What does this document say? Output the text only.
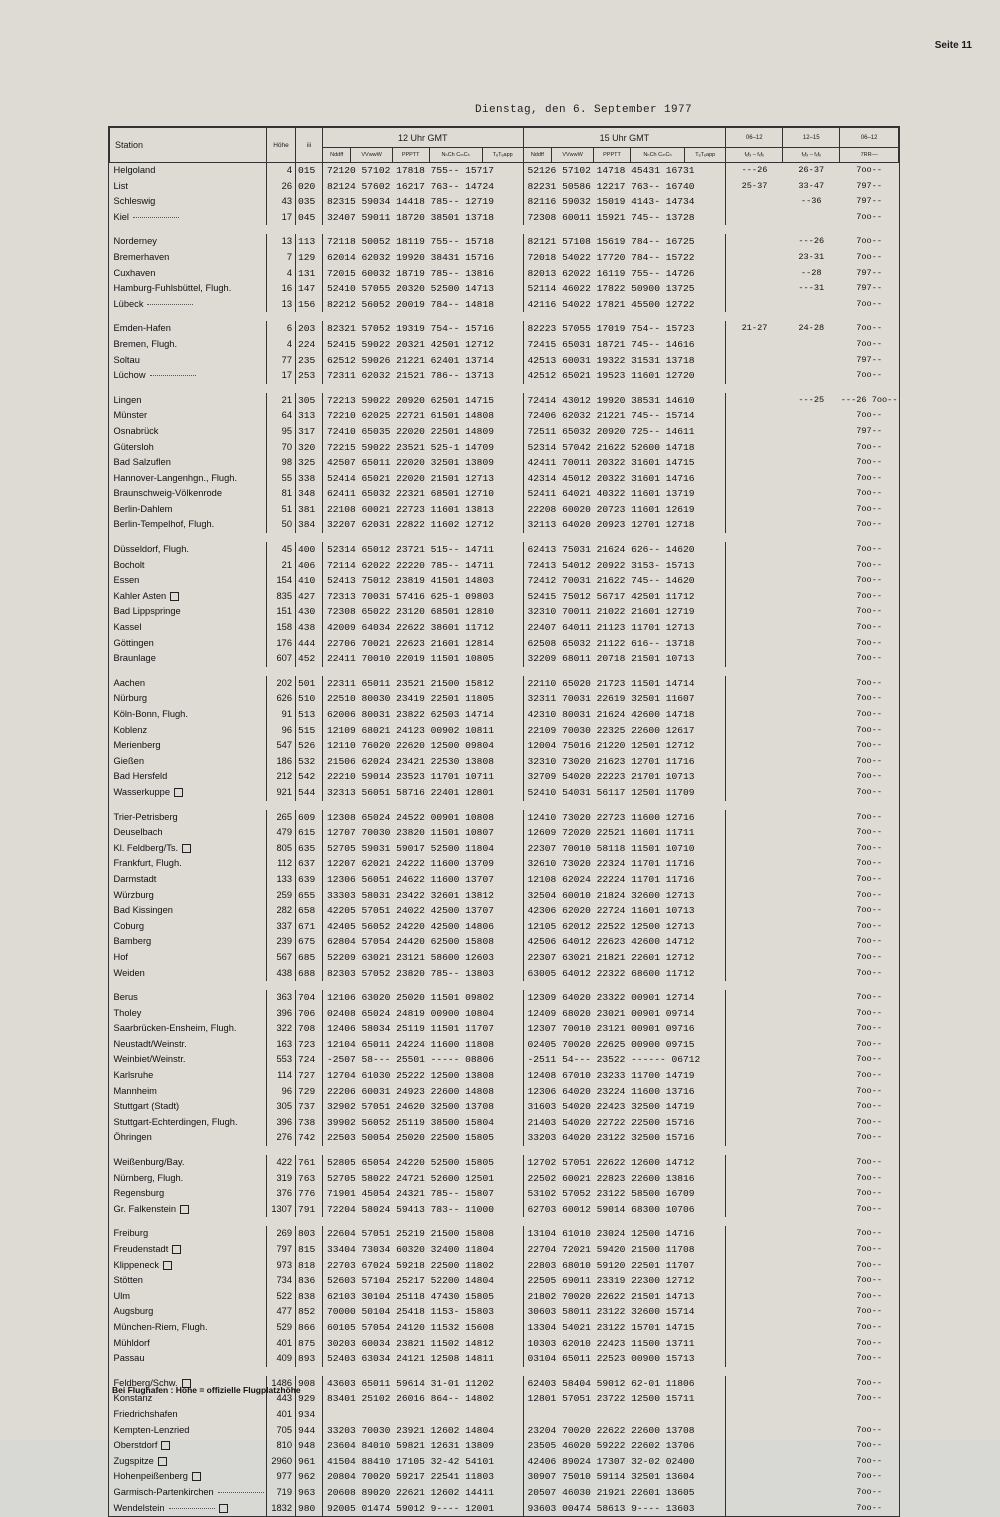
Seite 11
Dienstag, den 6. September 1977
Station	Höhe	iii	12 Uhr GMT					15 Uhr GMT					06–12	12–15	06–12
			Nddff	VVwwW	PPPTT	NₕCh CₘCₕ	TₑTₑapp	Nddff	VVwwW	PPPTT	NₕCh CₘCₕ	TₑTₑapp	fₓfₓ – fₓfₓ	fₓfₓ – fₓfₓ	7RR––
Helgoland	4	015	72120 57102 17818 755-- 15717					52126 57102 14718 45431 16731					---26	26-37	7oo--
List	26	020	82124 57602 16217 763-- 14724					82231 50586 12217 763-- 16740					25-37	33-47	797--
Schleswig	43	035	82315 59034 14418 785-- 12719					82116 59032 15019 4143- 14734						--36	797--
Kiel	17	045	32407 59011 18720 38501 13718					72308 60011 15921 745-- 13728							7oo--

Norderney	13	113	72118 50052 18119 755-- 15718					82121 57108 15619 784-- 16725						---26	7oo--
Bremerhaven	7	129	62014 62032 19920 38431 15716					72018 54022 17720 784-- 15722						23-31	7oo--
Cuxhaven	4	131	72015 60032 18719 785-- 13816					82013 62022 16119 755-- 14726						--28	797--
Hamburg-Fuhlsbüttel, Flugh.	16	147	52410 57055 20320 52500 14713					52114 46022 17822 50900 13725						---31	797--
Lübeck	13	156	82212 56052 20019 784-- 14818					42116 54022 17821 45500 12722							7oo--

Emden-Hafen	6	203	82321 57052 19319 754-- 15716					82223 57055 17019 754-- 15723					21-27	24-28	7oo--
Bremen, Flugh.	4	224	52415 59022 20321 42501 12712					72415 65031 18721 745-- 14616							7oo--
Soltau	77	235	62512 59026 21221 62401 13714					42513 60031 19322 31531 13718							797--
Lüchow	17	253	72311 62032 21521 786-- 13713					42512 65021 19523 11601 12720							7oo--

Lingen	21	305	72213 59022 20920 62501 14715					72414 43012 19920 38531 14610						---25	---26 7oo--
Münster	64	313	72210 62025 22721 61501 14808					72406 62032 21221 745-- 15714							7oo--
Osnabrück	95	317	72410 65035 22020 22501 14809					72511 65032 20920 725-- 14611							797--
Gütersloh	70	320	72215 59022 23521 525-1 14709					52314 57042 21622 52600 14718							7oo--
Bad Salzuflen	98	325	42507 65011 22020 32501 13809					42411 70011 20322 31601 14715							7oo--
Hannover-Langenhgn., Flugh.	55	338	52414 65021 22020 21501 12713					42314 45012 20322 31601 14716							7oo--
Braunschweig-Völkenrode	81	348	62411 65032 22321 68501 12710					52411 64021 40322 11601 13719							7oo--
Berlin-Dahlem	51	381	22108 60021 22723 11601 13813					22208 60020 20723 11601 12619							7oo--
Berlin-Tempelhof, Flugh.	50	384	32207 62031 22822 11602 12712					32113 64020 20923 12701 12718							7oo--

Düsseldorf, Flugh.	45	400	52314 65012 23721 515-- 14711					62413 75031 21624 626-- 14620							7oo--
Bocholt	21	406	72114 62022 22220 785-- 14711					72413 54012 20922 3153- 15713							7oo--
Essen	154	410	52413 75012 23819 41501 14803					72412 70031 21622 745-- 14620							7oo--
Kahler Asten	835	427	72313 70031 57416 625-1 09803					52415 75012 56717 42501 11712							7oo--
Bad Lippspringe	151	430	72308 65022 23120 68501 12810					32310 70011 21022 21601 12719							7oo--
Kassel	158	438	42009 64034 22622 38601 11712					22407 64011 21123 11701 12713							7oo--
Göttingen	176	444	22706 70021 22623 21601 12814					62508 65032 21122 616-- 13718							7oo--
Braunlage	607	452	22411 70010 22019 11501 10805					32209 68011 20718 21501 10713							7oo--

Aachen	202	501	22311 65011 23521 21500 15812					22110 65020 21723 11501 14714							7oo--
Nürburg	626	510	22510 80030 23419 22501 11805					32311 70031 22619 32501 11607							7oo--
Köln-Bonn, Flugh.	91	513	62006 80031 23822 62503 14714					42310 80031 21624 42600 14718							7oo--
Koblenz	96	515	12109 68021 24123 00902 10811					22109 70030 22325 22600 12617							7oo--
Merienberg	547	526	12110 76020 22620 12500 09804					12004 75016 21220 12501 12712							7oo--
Gießen	186	532	21506 62024 23421 22530 13808					32310 73020 21623 12701 11716							7oo--
Bad Hersfeld	212	542	22210 59014 23523 11701 10711					32709 54020 22223 21701 10713							7oo--
Wasserkuppe	921	544	32313 56051 58716 22401 12801					52410 54031 56117 12501 11709							7oo--

Trier-Petrisberg	265	609	12308 65024 24522 00901 10808					12410 73020 22723 11600 12716							7oo--
Deuselbach	479	615	12707 70030 23820 11501 10807					12609 72020 22521 11601 11711							7oo--
Kl. Feldberg/Ts.	805	635	52705 59031 59017 52500 11804					22307 70010 58118 11501 10710							7oo--
Frankfurt, Flugh.	112	637	12207 62021 24222 11600 13709					32610 73020 22324 11701 11716							7oo--
Darmstadt	133	639	12306 56051 24622 11600 13707					12108 62024 22224 11701 11716							7oo--
Würzburg	259	655	33303 58031 23422 32601 13812					32504 60010 21824 32600 12713							7oo--
Bad Kissingen	282	658	42205 57051 24022 42500 13707					42306 62020 22724 11601 10713							7oo--
Coburg	337	671	42405 56052 24220 42500 14806					12105 62012 22522 12500 12713							7oo--
Bamberg	239	675	62804 57054 24420 62500 15808					42506 64012 22623 42600 14712							7oo--
Hof	567	685	52209 63021 23121 58600 12603					22307 63021 21821 22601 12712							7oo--
Weiden	438	688	82303 57052 23820 785-- 13803					63005 64012 22322 68600 11712							7oo--

Berus	363	704	12106 63020 25020 11501 09802					12309 64020 23322 00901 12714							7oo--
Tholey	396	706	02408 65024 24819 00900 10804					12409 68020 23021 00901 09714							7oo--
Saarbrücken-Ensheim, Flugh.	322	708	12406 58034 25119 11501 11707					12307 70010 23121 00901 09716							7oo--
Neustadt/Weinstr.	163	723	12104 65011 24224 11600 11808					02405 70020 22625 00900 09715							7oo--
Weinbiet/Weinstr.	553	724	-2507 58--- 25501 ----- 08806					-2511 54--- 23522 ------ 06712							7oo--
Karlsruhe	114	727	12704 61030 25222 12500 13808					12408 67010 23233 11700 14719							7oo--
Mannheim	96	729	22206 60031 24923 22600 14808					12306 64020 23224 11600 13716							7oo--
Stuttgart (Stadt)	305	737	32902 57051 24620 32500 13708					31603 54020 22423 32500 14719							7oo--
Stuttgart-Echterdingen, Flugh.	396	738	39902 56052 25119 38500 15804					21403 54020 22722 22500 15716							7oo--
Öhringen	276	742	22503 50054 25020 22500 15805					33203 64020 23122 32500 15716							7oo--

Weißenburg/Bay.	422	761	52805 65054 24220 52500 15805					12702 57051 22622 12600 14712							7oo--
Nürnberg, Flugh.	319	763	52705 58022 24721 52600 12501					22502 60021 22823 22600 13816							7oo--
Regensburg	376	776	71901 45054 24321 785-- 15807					53102 57052 23122 58500 16709							7oo--
Gr. Falkenstein	1307	791	72204 58024 59413 783-- 11000					62703 60012 59014 68300 10706							7oo--

Freiburg	269	803	22604 57051 25219 21500 15808					13104 61010 23024 12500 14716							7oo--
Freudenstadt	797	815	33404 73034 60320 32400 11804					22704 72021 59420 21500 11708							7oo--
Klippeneck	973	818	22703 67024 59218 22500 11802					22803 68010 59120 22501 11707							7oo--
Stötten	734	836	52603 57104 25217 52200 14804					22505 69011 23319 22300 12712							7oo--
Ulm	522	838	62103 30104 25118 47430 15805					21802 70020 22622 21501 14713							7oo--
Augsburg	477	852	70000 50104 25418 1153- 15803					30603 58011 23122 32600 15714							7oo--
München-Riem, Flugh.	529	866	60105 57054 24120 11532 15608					13304 54021 23122 15701 14715							7oo--
Mühldorf	401	875	30203 60034 23821 11502 14812					10303 62010 22423 11500 13711							7oo--
Passau	409	893	52403 63034 24121 12508 14811					03104 65011 22523 00900 15713							7oo--

Feldberg/Schw.	1486	908	43603 65011 59614 31-01 11202					62403 58404 59012 62-01 11806							7oo--
Konstanz	443	929	83401 25102 26016 864-- 14802					12801 57051 23722 12500 15711							7oo--
Friedrichshafen	401	934													
Kempten-Lenzried	705	944	33203 70030 23921 12602 14804					23204 70020 22622 22600 13708							7oo--
Oberstdorf	810	948	23604 84010 59821 12631 13809					23505 46020 59222 22602 13706							7oo--
Zugspitze	2960	961	41504 88410 17105 32-42 54101					42406 89024 17307 32-02 02400							7oo--
Hohenpeißenberg	977	962	20804 70020 59217 22541 11803					30907 75010 59114 32501 13604							7oo--
Garmisch-Partenkirchen	719	963	20608 89020 22621 12602 14411					20507 46030 21921 22601 13605							7oo--
Wendelstein	1832	980	92005 01474 59012 9---- 12001					93603 00474 58613 9---- 13603							7oo--
Bei Flughafen : Höhe = offizielle Flugplatzhöhe
